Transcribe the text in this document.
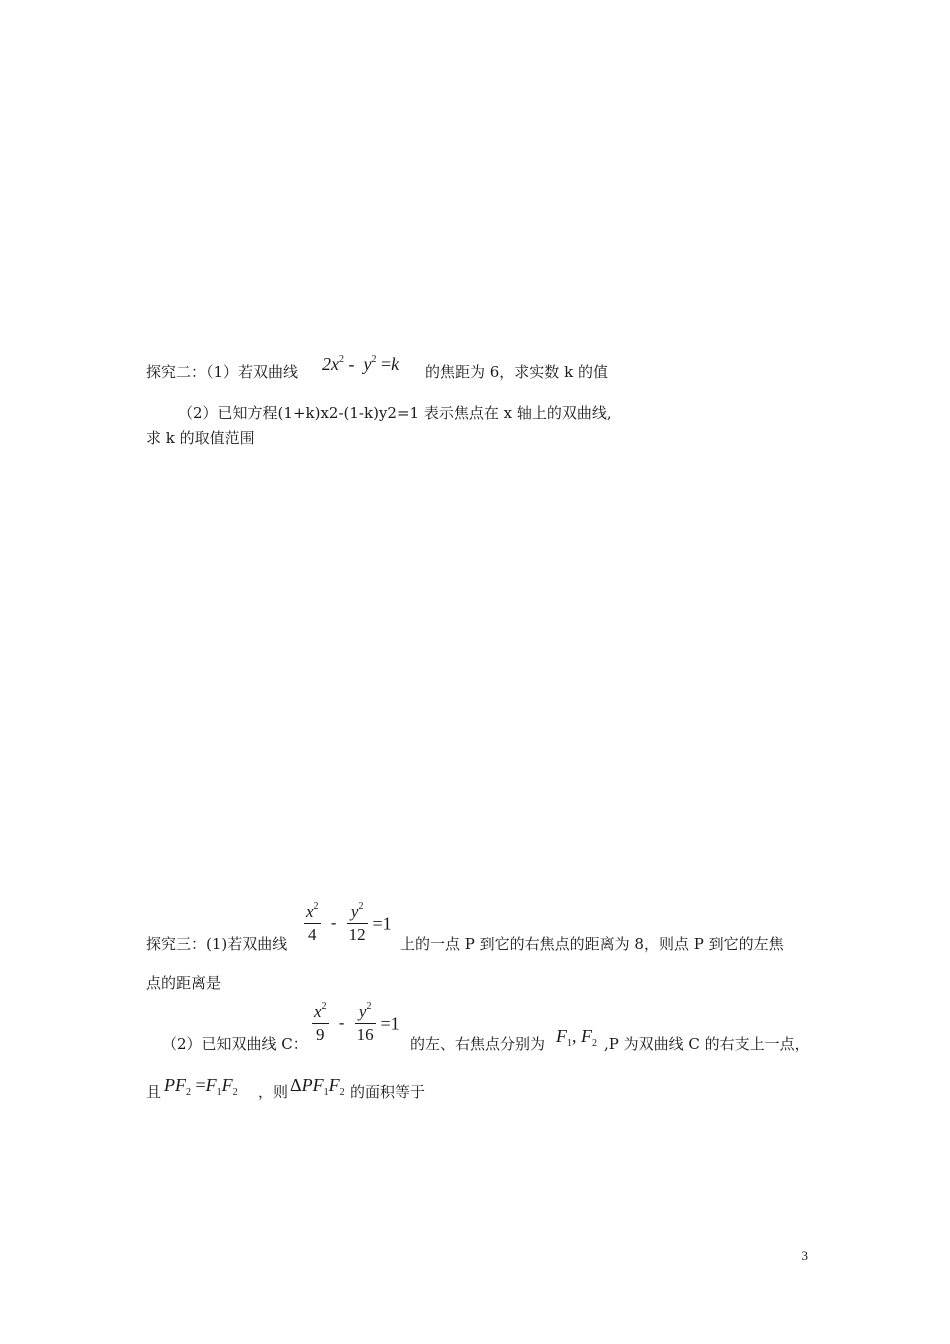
探究二：（1）若双曲线 $2x^2 - y^2 =k$ 的焦距为 6，求实数 k 的值
（2）已知方程(1+k)x2-(1-k)y2=1 表示焦点在 x 轴上的双曲线,
求 k 的取值范围
探究三：(1)若双曲线 $\frac{x^2}{4} - \frac{y^2}{12} =1$
上的一点 P 到它的右焦点的距离为 8，则点 P 到它的左焦
点的距离是
（2）已知双曲线 C： $\frac{x^2}{9} - \frac{y^2}{16} =1$
的左、右焦点分别为 $F_1$, $F_2$ ,P 为双曲线 C 的右支上一点，
且 $PF_2 =F_1F_2$ ，则 $\Delta PF_1F_2$ 的面积等于
3
